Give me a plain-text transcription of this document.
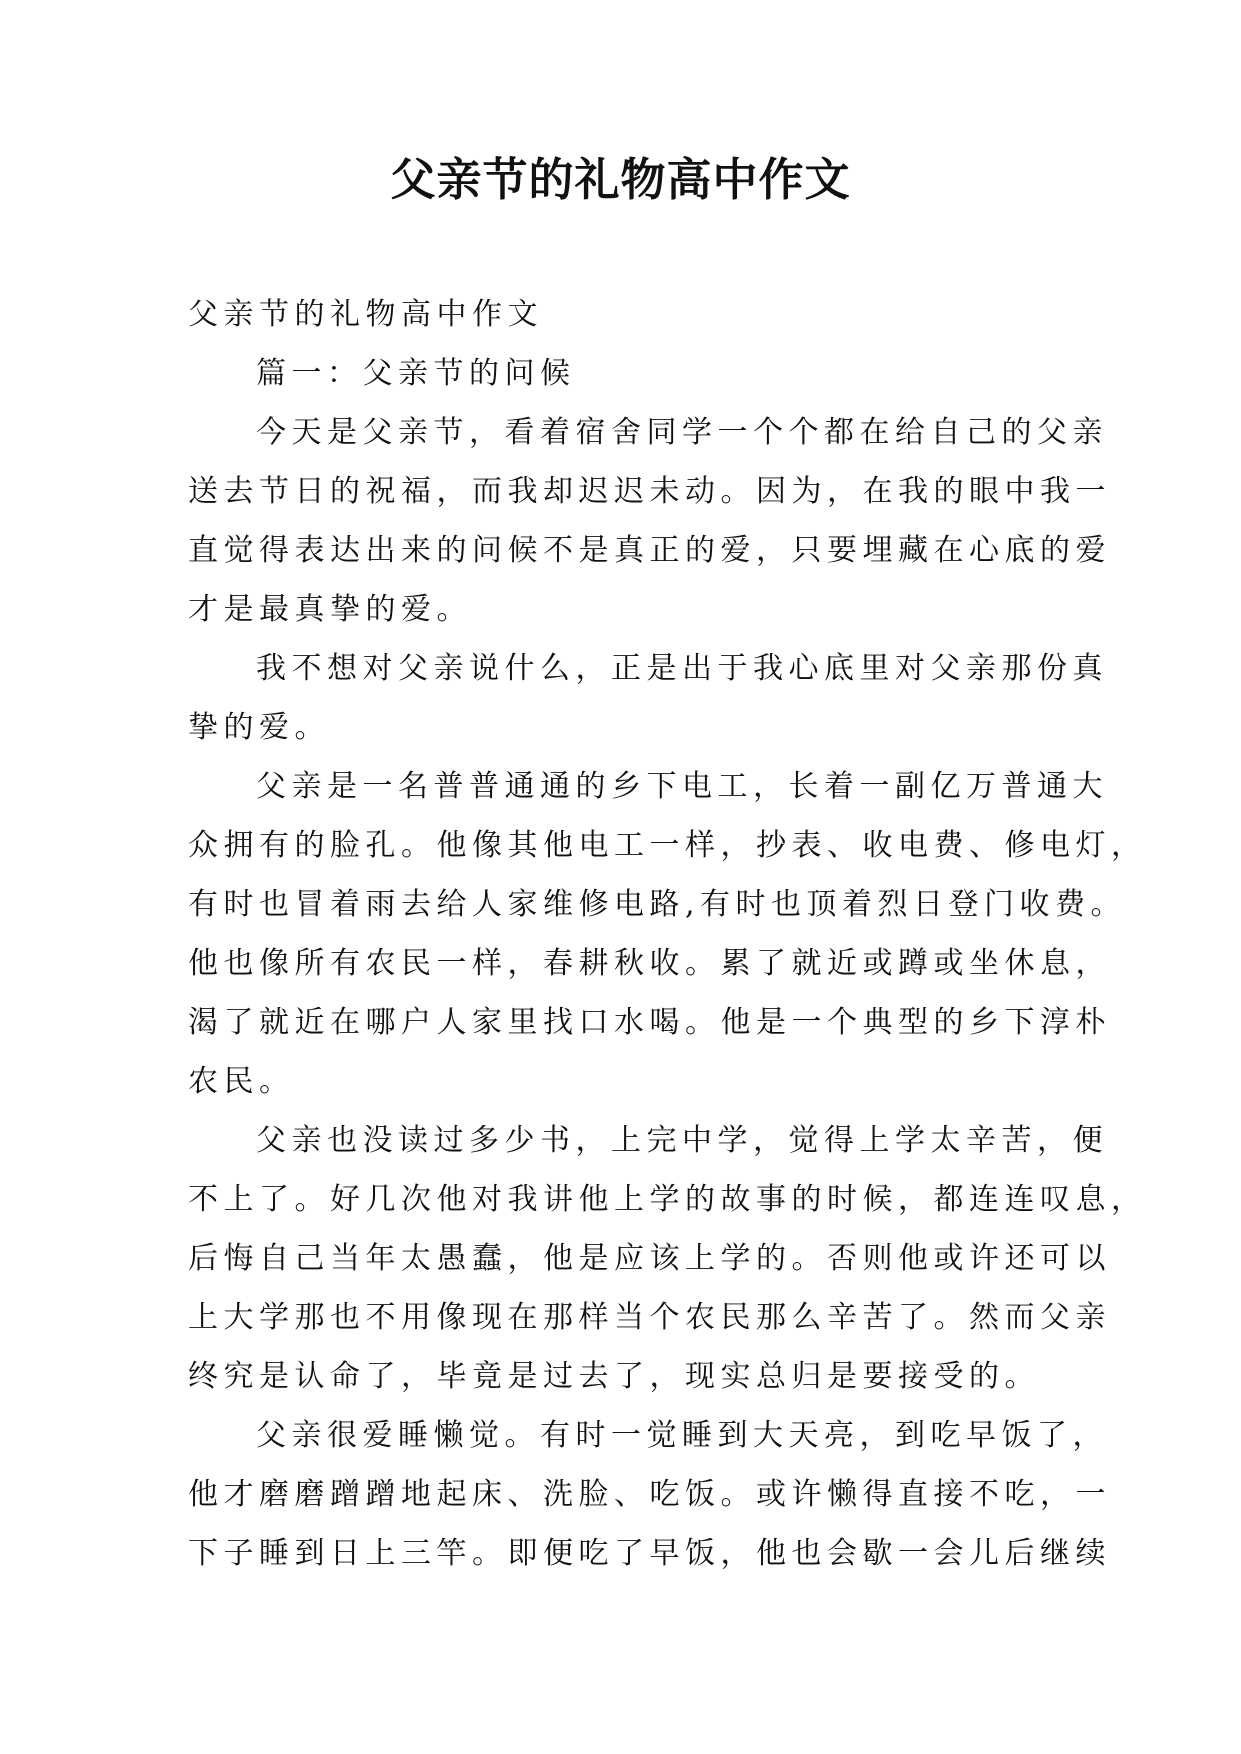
父亲节的礼物高中作文

父亲节的礼物高中作文

篇一：父亲节的问候

今天是父亲节，看着宿舍同学一个个都在给自己的父亲

送去节日的祝福，而我却迟迟未动。因为，在我的眼中我一

直觉得表达出来的问候不是真正的爱，只要埋藏在心底的爱

才是最真挚的爱。

我不想对父亲说什么，正是出于我心底里对父亲那份真

挚的爱。

父亲是一名普普通通的乡下电工，长着一副亿万普通大

众拥有的脸孔。他像其他电工一样，抄表、收电费、修电灯，

有时也冒着雨去给人家维修电路,有时也顶着烈日登门收费。

他也像所有农民一样，春耕秋收。累了就近或蹲或坐休息，

渴了就近在哪户人家里找口水喝。他是一个典型的乡下淳朴

农民。

父亲也没读过多少书，上完中学，觉得上学太辛苦，便

不上了。好几次他对我讲他上学的故事的时候，都连连叹息，

后悔自己当年太愚蠢，他是应该上学的。否则他或许还可以

上大学那也不用像现在那样当个农民那么辛苦了。然而父亲

终究是认命了，毕竟是过去了，现实总归是要接受的。

父亲很爱睡懒觉。有时一觉睡到大天亮，到吃早饭了，

他才磨磨蹭蹭地起床、洗脸、吃饭。或许懒得直接不吃，一

下子睡到日上三竿。即便吃了早饭，他也会歇一会儿后继续
